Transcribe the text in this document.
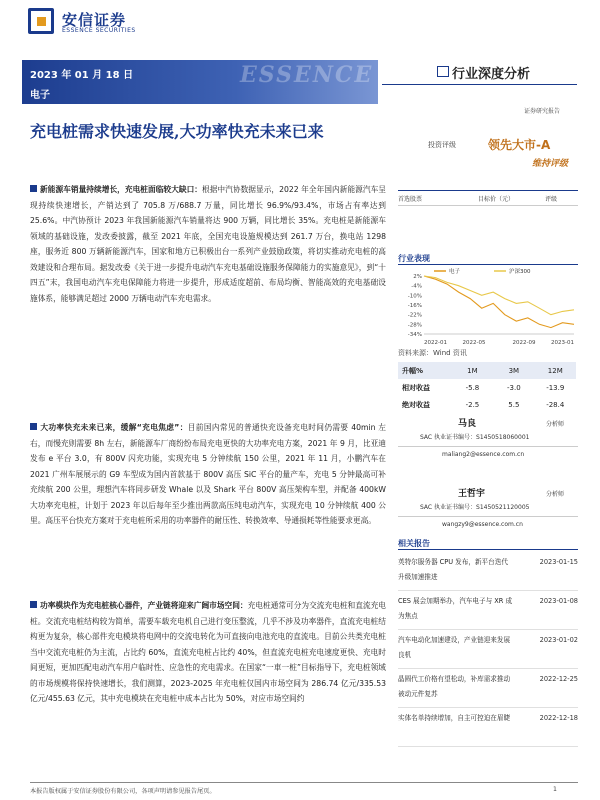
安信证券
ESSENCE SECURITIES
ESSENCE
2023 年 01 月 18 日
电子
行业深度分析
证券研究报告
充电桩需求快速发展,大功率快充未来已来
投资评级	领先大市-A
维持评级
首选股票	目标价（元）	评级
行业表现
2%
-4%
-10%
-16%
-22%
-28%
-34%
2022-01	2022-05	2022-09	2023-01
电子	沪深300
资料来源：Wind 资讯
升幅%	1M	3M	12M
相对收益	-5.8	-3.0	-13.9
绝对收益	-2.5	5.5	-28.4
马良	分析师
SAC 执业证书编号：S1450518060001
maliang2@essence.com.cn
王哲宇	分析师
SAC 执业证书编号：S1450521120005
wangzy9@essence.com.cn
相关报告
英特尔服务器 CPU 发布，新平台迭代升级加速推进
2023-01-15
CES 展会加期举办，汽车电子与 XR 成为焦点
2023-01-08
汽车电动化加速建设，产业链迎来发展良机
2023-01-02
晶圆代工价格有望松动，补库需求推动被动元件复苏
2022-12-25
实体名单持续增加，自主可控迫在眉睫	2022-12-18
新能源车销量持续增长，充电桩面临较大缺口：根据中汽协数据显示，2022 年全年国内新能源汽车呈现持续快速增长，产销达到了 705.8 万/688.7 万量，同比增长 96.9%/93.4%，市场占有率达到 25.6%。中汽协预计 2023 年我国新能源汽车销量将达 900 万辆，同比增长 35%。充电桩是新能源车领域的基础设施，发改委披露，截至 2021 年底，全国充电设施规模达到 261.7 万台，换电站 1298 座，服务近 800 万辆新能源汽车，国家和地方已积极出台一系列产业鼓励政策，将切实推动充电桩的高效建设和合理布局。据发改委《关于进一步提升电动汽车充电基础设施服务保障能力的实施意见》，到“十四五”末，我国电动汽车充电保障能力将进一步提升，形成适度超前、布局均衡、智能高效的充电基础设施体系，能够满足超过 2000 万辆电动汽车充电需求。
大功率快充未来已来，缓解“充电焦虑”：目前国内常见的普通快充设备充电时间仍需要 40min 左右，而慢充则需要 8h 左右，新能源车厂商纷纷布局充电更快的大功率充电方案，2021 年 9 月，比亚迪发布 e 平台 3.0，有 800V 闪充功能，实现充电 5 分钟续航 150 公里，2021 年 11 月，小鹏汽车在 2021 广州车展展示的 G9 车型成为国内首款基于 800V 高压 SiC 平台的量产车，充电 5 分钟最高可补充续航 200 公里，理想汽车将同步研发 Whale 以及 Shark 平台 800V 高压架构车型，并配备 400kW 大功率充电桩，计划于 2023 年以后每年至少推出两款高压纯电动汽车，实现充电 10 分钟续航 400 公里。高压平台快充方案对于充电桩所采用的功率器件的耐压性、转换效率、导通损耗等性能要求更高。
功率模块作为充电桩核心器件，产业链将迎来广阔市场空间：充电桩通常可分为交流充电桩和直流充电桩。交流充电桩结构较为简单，需要车载充电机自己进行变压整流，几乎不涉及功率器件，直流充电桩结构更为复杂，核心部件充电模块将电网中的交流电转化为可直接向电池充电的直流电。目前公共类充电桩当中交流充电桩仍为主流，占比约 60%，直流充电桩占比约 40%，但直流充电桩充电速度更快、充电时间更短，更加匹配电动汽车用户临时性、应急性的充电需求。在国家“一車一桩”目标指导下，充电桩领域的市场规模将保持快速增长，我们测算，2023-2025 年充电桩仅国内市场空间为 286.74 亿元/335.53 亿元/455.63 亿元，其中充电模块在充电桩中成本占比为 50%，对应市场空间约
本报告版权属于安信证券股份有限公司，各项声明请参见报告尾页。	1
